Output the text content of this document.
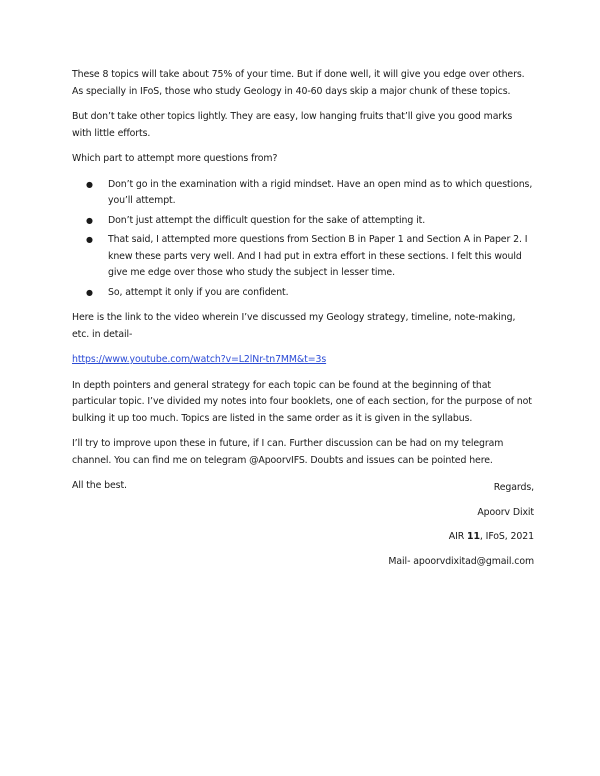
These 8 topics will take about 75% of your time. But if done well, it will give you edge over others. As specially in IFoS, those who study Geology in 40-60 days skip a major chunk of these topics.

But don’t take other topics lightly. They are easy, low hanging fruits that’ll give you good marks with little efforts.

Which part to attempt more questions from?

● Don’t go in the examination with a rigid mindset. Have an open mind as to which questions, you’ll attempt.
● Don’t just attempt the difficult question for the sake of attempting it.
● That said, I attempted more questions from Section B in Paper 1 and Section A in Paper 2. I knew these parts very well. And I had put in extra effort in these sections. I felt this would give me edge over those who study the subject in lesser time.
● So, attempt it only if you are confident.

Here is the link to the video wherein I’ve discussed my Geology strategy, timeline, note-making, etc. in detail-

https://www.youtube.com/watch?v=L2lNr-tn7MM&t=3s

In depth pointers and general strategy for each topic can be found at the beginning of that particular topic. I’ve divided my notes into four booklets, one of each section, for the purpose of not bulking it up too much. Topics are listed in the same order as it is given in the syllabus.

I’ll try to improve upon these in future, if I can. Further discussion can be had on my telegram channel. You can find me on telegram @ApoorvIFS. Doubts and issues can be pointed here.

All the best.	Regards,
Apoorv Dixit
AIR 11, IFoS, 2021
Mail- apoorvdixitad@gmail.com
